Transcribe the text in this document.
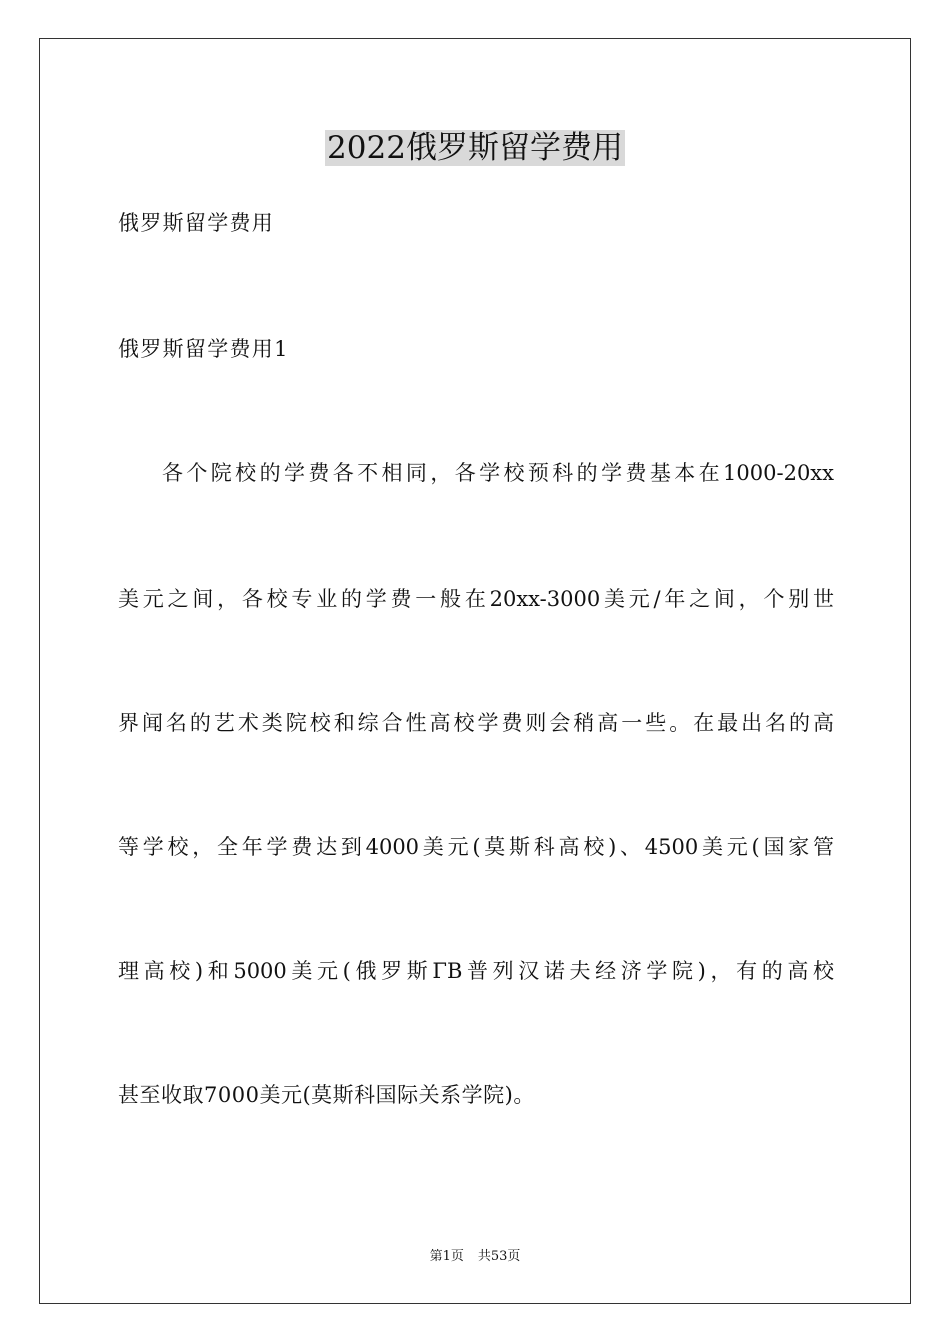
2022俄罗斯留学费用
俄罗斯留学费用
俄罗斯留学费用1
各个院校的学费各不相同，各学校预科的学费基本在1000-20xx
美元之间，各校专业的学费一般在20xx-3000美元/年之间，个别世
界闻名的艺术类院校和综合性高校学费则会稍高一些。在最出名的高
等学校，全年学费达到4000美元(莫斯科高校)、4500美元(国家管
理高校)和5000美元(俄罗斯ΓΒ普列汉诺夫经济学院)，有的高校
甚至收取7000美元(莫斯科国际关系学院)。
第1页 共53页
